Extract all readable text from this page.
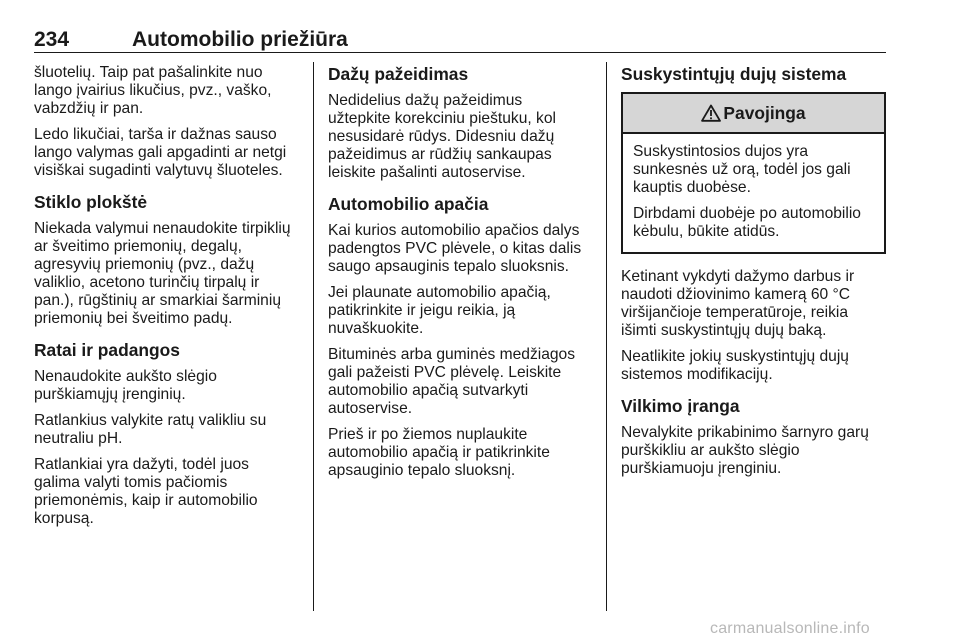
234	Automobilio priežiūra

šluotelių. Taip pat pašalinkite nuo
lango įvairius likučius, pvz., vaško,
vabzdžių ir pan.

Ledo likučiai, tarša ir dažnas sauso
lango valymas gali apgadinti ar netgi
visiškai sugadinti valytuvų šluoteles.

Stiklo plokštė

Niekada valymui nenaudokite tirpiklių
ar šveitimo priemonių, degalų,
agresyvių priemonių (pvz., dažų
valiklio, acetono turinčių tirpalų ir
pan.), rūgštinių ar smarkiai šarminių
priemonių bei šveitimo padų.

Ratai ir padangos

Nenaudokite aukšto slėgio
purškiamųjų įrenginių.

Ratlankius valykite ratų valikliu su
neutraliu pH.

Ratlankiai yra dažyti, todėl juos
galima valyti tomis pačiomis
priemonėmis, kaip ir automobilio
korpusą.

Dažų pažeidimas

Nedidelius dažų pažeidimus
užtepkite korekciniu pieštuku, kol
nesusidarė rūdys. Didesniu dažų
pažeidimus ar rūdžių sankaupas
leiskite pašalinti autoservise.

Automobilio apačia

Kai kurios automobilio apačios dalys
padengtos PVC plėvele, o kitas dalis
saugo apsauginis tepalo sluoksnis.

Jei plaunate automobilio apačią,
patikrinkite ir jeigu reikia, ją
nuvaškuokite.

Bituminės arba guminės medžiagos
gali pažeisti PVC plėvelę. Leiskite
automobilio apačią sutvarkyti
autoservise.

Prieš ir po žiemos nuplaukite
automobilio apačią ir patikrinkite
apsauginio tepalo sluoksnį.

Suskystintųjų dujų sistema
Pavojinga

Suskystintosios dujos yra
sunkesnės už orą, todėl jos gali
kauptis duobėse.

Dirbdami duobėje po automobilio
kėbulu, būkite atidūs.

Ketinant vykdyti dažymo darbus ir
naudoti džiovinimo kamerą 60 °C
viršijančioje temperatūroje, reikia
išimti suskystintųjų dujų baką.

Neatlikite jokių suskystintųjų dujų
sistemos modifikacijų.

Vilkimo įranga

Nevalykite prikabinimo šarnyro garų
purškikliu ar aukšto slėgio
purškiamuoju įrenginiu.

carmanualsonline.info
